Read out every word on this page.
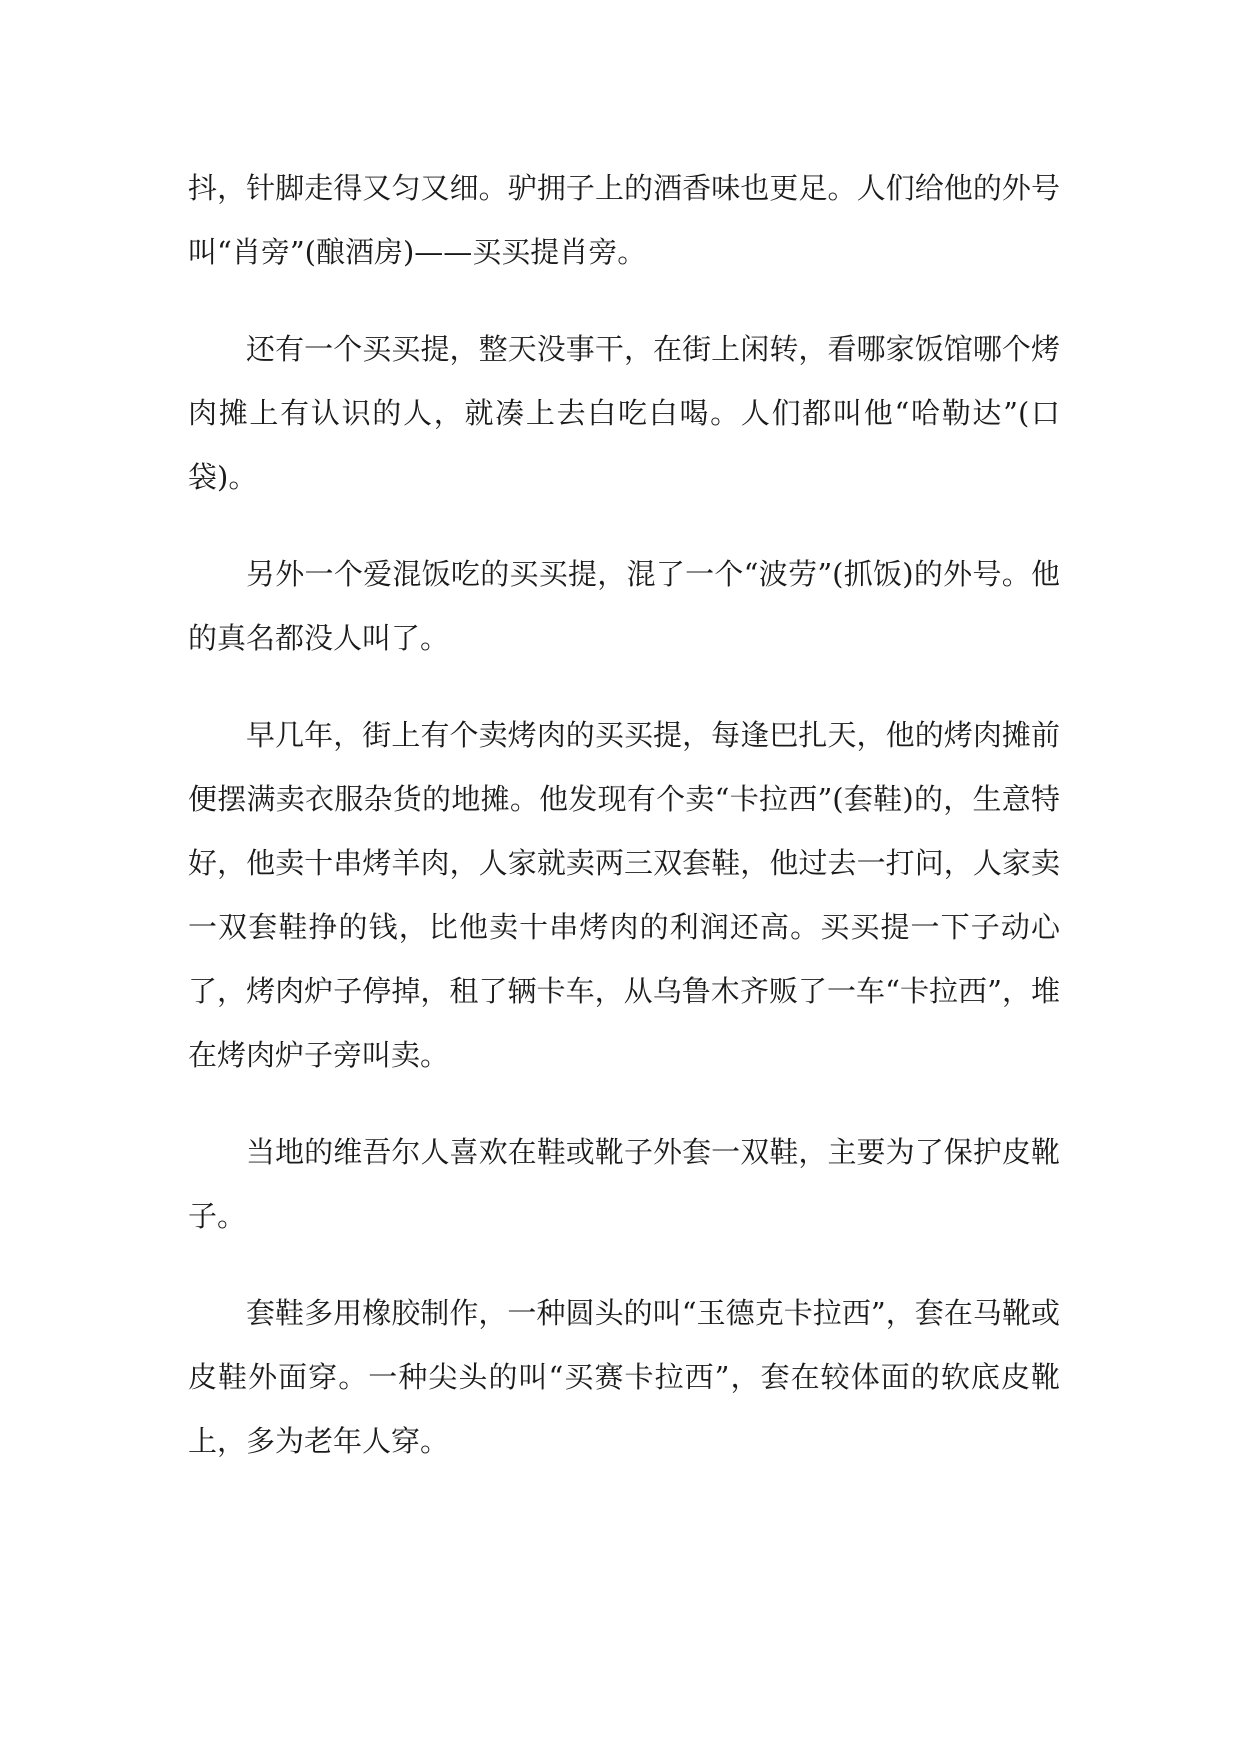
抖，针脚走得又匀又细。驴拥子上的酒香味也更足。人们给他的外号叫“肖旁”(酿酒房)——买买提肖旁。

还有一个买买提，整天没事干，在街上闲转，看哪家饭馆哪个烤肉摊上有认识的人，就凑上去白吃白喝。人们都叫他“哈勒达”(口袋)。

另外一个爱混饭吃的买买提，混了一个“波劳”(抓饭)的外号。他的真名都没人叫了。

早几年，街上有个卖烤肉的买买提，每逢巴扎天，他的烤肉摊前便摆满卖衣服杂货的地摊。他发现有个卖“卡拉西”(套鞋)的，生意特好，他卖十串烤羊肉，人家就卖两三双套鞋，他过去一打问，人家卖一双套鞋挣的钱，比他卖十串烤肉的利润还高。买买提一下子动心了，烤肉炉子停掉，租了辆卡车，从乌鲁木齐贩了一车“卡拉西”，堆在烤肉炉子旁叫卖。

当地的维吾尔人喜欢在鞋或靴子外套一双鞋，主要为了保护皮靴子。

套鞋多用橡胶制作，一种圆头的叫“玉德克卡拉西”，套在马靴或皮鞋外面穿。一种尖头的叫“买赛卡拉西”，套在较体面的软底皮靴上，多为老年人穿。
